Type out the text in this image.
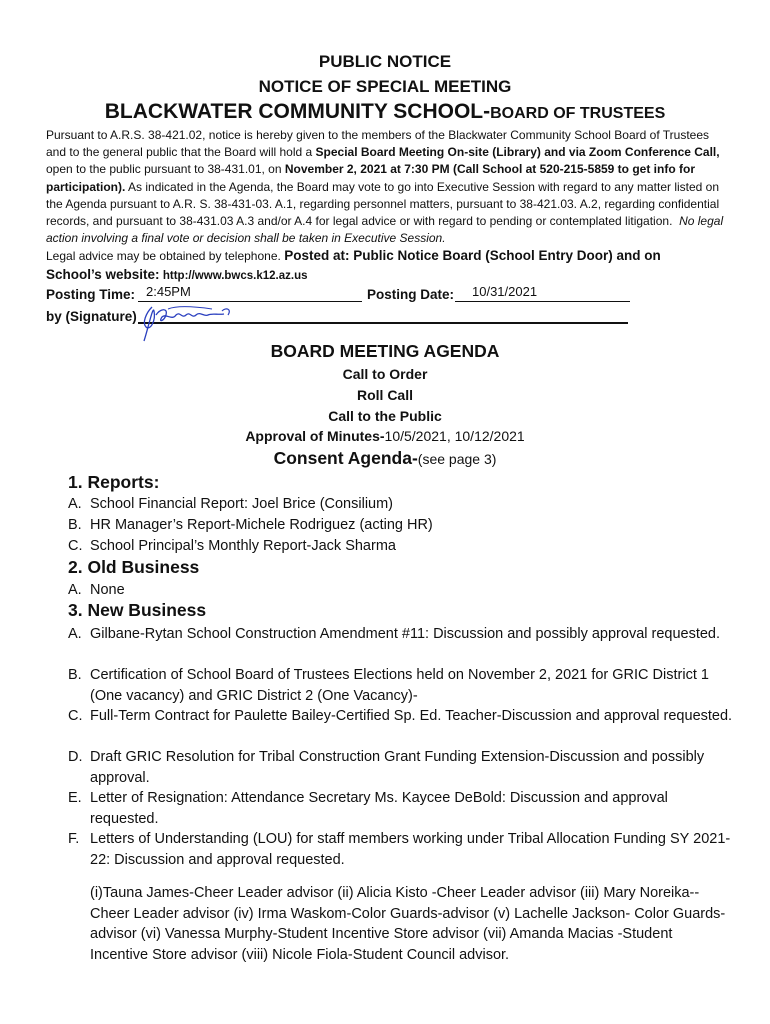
PUBLIC NOTICE
NOTICE OF SPECIAL MEETING
BLACKWATER COMMUNITY SCHOOL-BOARD OF TRUSTEES
Pursuant to A.R.S. 38-421.02, notice is hereby given to the members of the Blackwater Community School Board of Trustees and to the general public that the Board will hold a Special Board Meeting On-site (Library) and via Zoom Conference Call, open to the public pursuant to 38-431.01, on November 2, 2021 at 7:30 PM (Call School at 520-215-5859 to get info for participation). As indicated in the Agenda, the Board may vote to go into Executive Session with regard to any matter listed on the Agenda pursuant to A.R. S. 38-431-03. A.1, regarding personnel matters, pursuant to 38-421.03. A.2, regarding confidential records, and pursuant to 38-431.03 A.3 and/or A.4 for legal advice or with regard to pending or contemplated litigation. No legal action involving a final vote or decision shall be taken in Executive Session.
Legal advice may be obtained by telephone. Posted at: Public Notice Board (School Entry Door) and on
School’s website: http://www.bwcs.k12.az.us
Posting Time: 2:45PM	Posting Date: 10/31/2021
by (Signature)
BOARD MEETING AGENDA
Call to Order
Roll Call
Call to the Public
Approval of Minutes-10/5/2021, 10/12/2021
Consent Agenda-(see page 3)
1. Reports:
A. School Financial Report: Joel Brice (Consilium)
B. HR Manager’s Report-Michele Rodriguez (acting HR)
C. School Principal’s Monthly Report-Jack Sharma
2. Old Business
A. None
3. New Business
A. Gilbane-Rytan School Construction Amendment #11: Discussion and possibly approval requested.
B. Certification of School Board of Trustees Elections held on November 2, 2021 for GRIC District 1 (One vacancy) and GRIC District 2 (One Vacancy)-
C. Full-Term Contract for Paulette Bailey-Certified Sp. Ed. Teacher-Discussion and approval requested.
D. Draft GRIC Resolution for Tribal Construction Grant Funding Extension-Discussion and possibly approval.
E. Letter of Resignation: Attendance Secretary Ms. Kaycee DeBold: Discussion and approval requested.
F. Letters of Understanding (LOU) for staff members working under Tribal Allocation Funding SY 2021-22: Discussion and approval requested.
(i)Tauna James-Cheer Leader advisor (ii) Alicia Kisto -Cheer Leader advisor (iii) Mary Noreika--Cheer Leader advisor (iv) Irma Waskom-Color Guards-advisor (v) Lachelle Jackson- Color Guards-advisor (vi) Vanessa Murphy-Student Incentive Store advisor (vii) Amanda Macias -Student Incentive Store advisor (viii) Nicole Fiola-Student Council advisor.
